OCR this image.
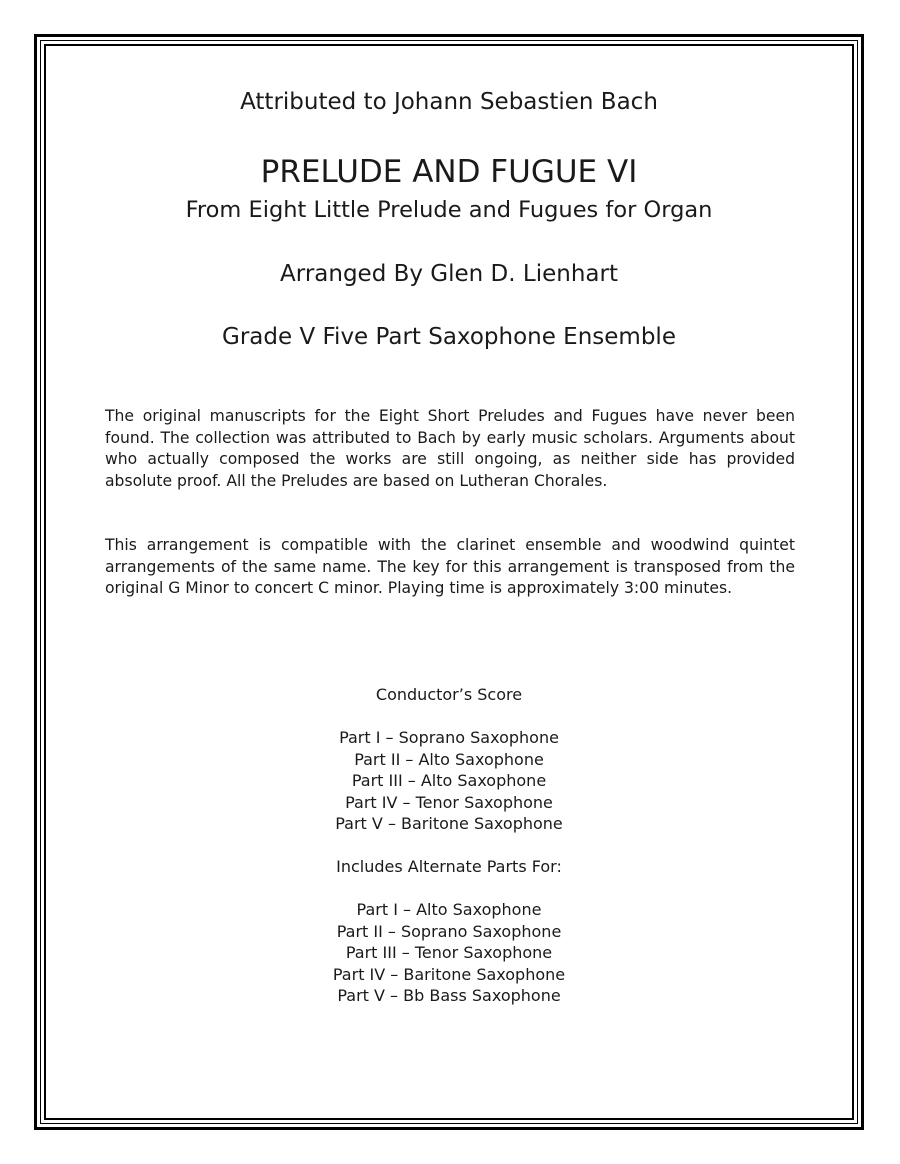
Attributed to Johann Sebastien Bach
PRELUDE AND FUGUE VI
From Eight Little Prelude and Fugues for Organ
Arranged By Glen D. Lienhart
Grade V Five Part Saxophone Ensemble
The original manuscripts for the Eight Short Preludes and Fugues have never been found. The collection was attributed to Bach by early music scholars. Arguments about who actually composed the works are still ongoing, as neither side has provided absolute proof. All the Preludes are based on Lutheran Chorales.
This arrangement is compatible with the clarinet ensemble and woodwind quintet arrangements of the same name. The key for this arrangement is transposed from the original G Minor to concert C minor. Playing time is approximately 3:00 minutes.
Conductor’s Score
Part I – Soprano Saxophone
Part II – Alto Saxophone
Part III – Alto Saxophone
Part IV – Tenor Saxophone
Part V – Baritone Saxophone
Includes Alternate Parts For:
Part I – Alto Saxophone
Part II – Soprano Saxophone
Part III – Tenor Saxophone
Part IV – Baritone Saxophone
Part V – Bb Bass Saxophone
